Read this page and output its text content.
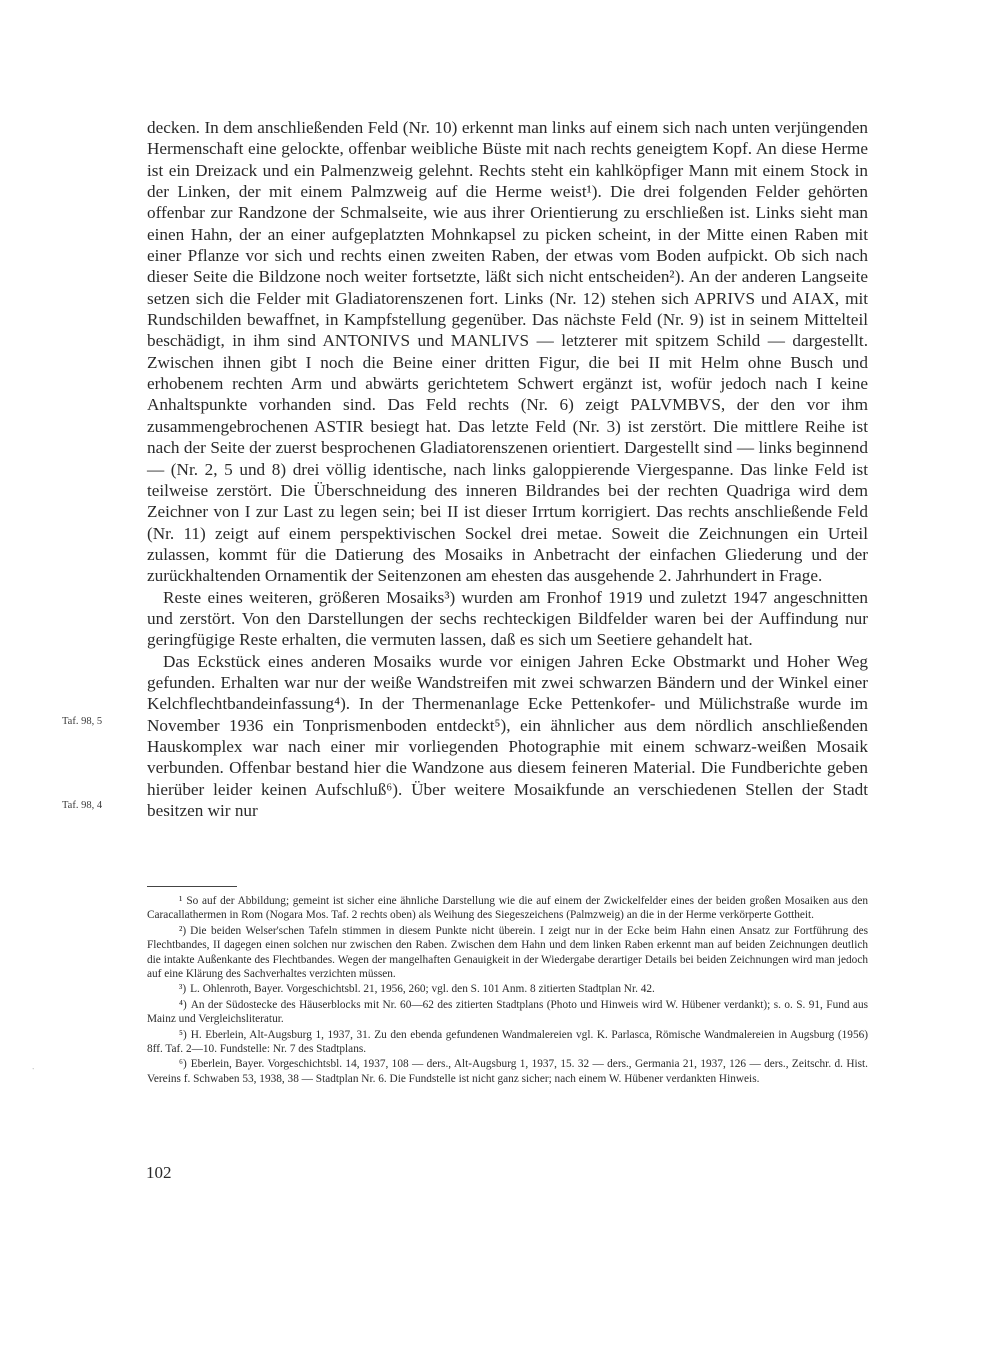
decken. In dem anschließenden Feld (Nr. 10) erkennt man links auf einem sich nach unten verjüngenden Hermenschaft eine gelockte, offenbar weibliche Büste mit nach rechts geneigtem Kopf. An diese Herme ist ein Dreizack und ein Palmenzweig gelehnt. Rechts steht ein kahlköpfiger Mann mit einem Stock in der Linken, der mit einem Palmzweig auf die Herme weist¹). Die drei folgenden Felder gehörten offenbar zur Randzone der Schmalseite, wie aus ihrer Orientierung zu erschließen ist. Links sieht man einen Hahn, der an einer aufgeplatzten Mohnkapsel zu picken scheint, in der Mitte einen Raben mit einer Pflanze vor sich und rechts einen zweiten Raben, der etwas vom Boden aufpickt. Ob sich nach dieser Seite die Bildzone noch weiter fortsetzte, läßt sich nicht entscheiden²). An der anderen Langseite setzen sich die Felder mit Gladiatorenszenen fort. Links (Nr. 12) stehen sich APRIVS und AIAX, mit Rundschilden bewaffnet, in Kampfstellung gegenüber. Das nächste Feld (Nr. 9) ist in seinem Mittelteil beschädigt, in ihm sind ANTONIVS und MANLIVS — letzterer mit spitzem Schild — dargestellt. Zwischen ihnen gibt I noch die Beine einer dritten Figur, die bei II mit Helm ohne Busch und erhobenem rechten Arm und abwärts gerichtetem Schwert ergänzt ist, wofür jedoch nach I keine Anhaltspunkte vorhanden sind. Das Feld rechts (Nr. 6) zeigt PALVMBVS, der den vor ihm zusammengebrochenen ASTIR besiegt hat. Das letzte Feld (Nr. 3) ist zerstört. Die mittlere Reihe ist nach der Seite der zuerst besprochenen Gladiatorenszenen orientiert. Dargestellt sind — links beginnend — (Nr. 2, 5 und 8) drei völlig identische, nach links galoppierende Viergespanne. Das linke Feld ist teilweise zerstört. Die Überschneidung des inneren Bildrandes bei der rechten Quadriga wird dem Zeichner von I zur Last zu legen sein; bei II ist dieser Irrtum korrigiert. Das rechts anschließende Feld (Nr. 11) zeigt auf einem perspektivischen Sockel drei metae. Soweit die Zeichnungen ein Urteil zulassen, kommt für die Datierung des Mosaiks in Anbetracht der einfachen Gliederung und der zurückhaltenden Ornamentik der Seitenzonen am ehesten das ausgehende 2. Jahrhundert in Frage.

Reste eines weiteren, größeren Mosaiks³) wurden am Fronhof 1919 und zuletzt 1947 angeschnitten und zerstört. Von den Darstellungen der sechs rechteckigen Bildfelder waren bei der Auffindung nur geringfügige Reste erhalten, die vermuten lassen, daß es sich um Seetiere gehandelt hat.

Das Eckstück eines anderen Mosaiks wurde vor einigen Jahren Ecke Obstmarkt und Hoher Weg gefunden. Erhalten war nur der weiße Wandstreifen mit zwei schwarzen Bändern und der Winkel einer Kelchflechtbandeinfassung⁴). In der Thermenanlage Ecke Pettenkofer- und Mülichstraße wurde im November 1936 ein Tonprismenboden entdeckt⁵), ein ähnlicher aus dem nördlich anschließenden Hauskomplex war nach einer mir vorliegenden Photographie mit einem schwarz-weißen Mosaik verbunden. Offenbar bestand hier die Wandzone aus diesem feineren Material. Die Fundberichte geben hierüber leider keinen Aufschluß⁶). Über weitere Mosaikfunde an verschiedenen Stellen der Stadt besitzen wir nur

Taf. 98, 5
Taf. 98, 4

¹ So auf der Abbildung; gemeint ist sicher eine ähnliche Darstellung wie die auf einem der Zwickelfelder eines der beiden großen Mosaiken aus den Caracallathermen in Rom (Nogara Mos. Taf. 2 rechts oben) als Weihung des Siegeszeichens (Palmzweig) an die in der Herme verkörperte Gottheit.

²) Die beiden Welser'schen Tafeln stimmen in diesem Punkte nicht überein. I zeigt nur in der Ecke beim Hahn einen Ansatz zur Fortführung des Flechtbandes, II dagegen einen solchen nur zwischen den Raben. Zwischen dem Hahn und dem linken Raben erkennt man auf beiden Zeichnungen deutlich die intakte Außenkante des Flechtbandes. Wegen der mangelhaften Genauigkeit in der Wiedergabe derartiger Details bei beiden Zeichnungen wird man jedoch auf eine Klärung des Sachverhaltes verzichten müssen.

³) L. Ohlenroth, Bayer. Vorgeschichtsbl. 21, 1956, 260; vgl. den S. 101 Anm. 8 zitierten Stadtplan Nr. 42.

⁴) An der Südostecke des Häuserblocks mit Nr. 60—62 des zitierten Stadtplans (Photo und Hinweis wird W. Hübener verdankt); s. o. S. 91, Fund aus Mainz und Vergleichsliteratur.

⁵) H. Eberlein, Alt-Augsburg 1, 1937, 31. Zu den ebenda gefundenen Wandmalereien vgl. K. Parlasca, Römische Wandmalereien in Augsburg (1956) 8ff. Taf. 2—10. Fundstelle: Nr. 7 des Stadtplans.

⁶) Eberlein, Bayer. Vorgeschichtsbl. 14, 1937, 108 — ders., Alt-Augsburg 1, 1937, 15. 32 — ders., Germania 21, 1937, 126 — ders., Zeitschr. d. Hist. Vereins f. Schwaben 53, 1938, 38 — Stadtplan Nr. 6. Die Fundstelle ist nicht ganz sicher; nach einem W. Hübener verdankten Hinweis.

102
∙
